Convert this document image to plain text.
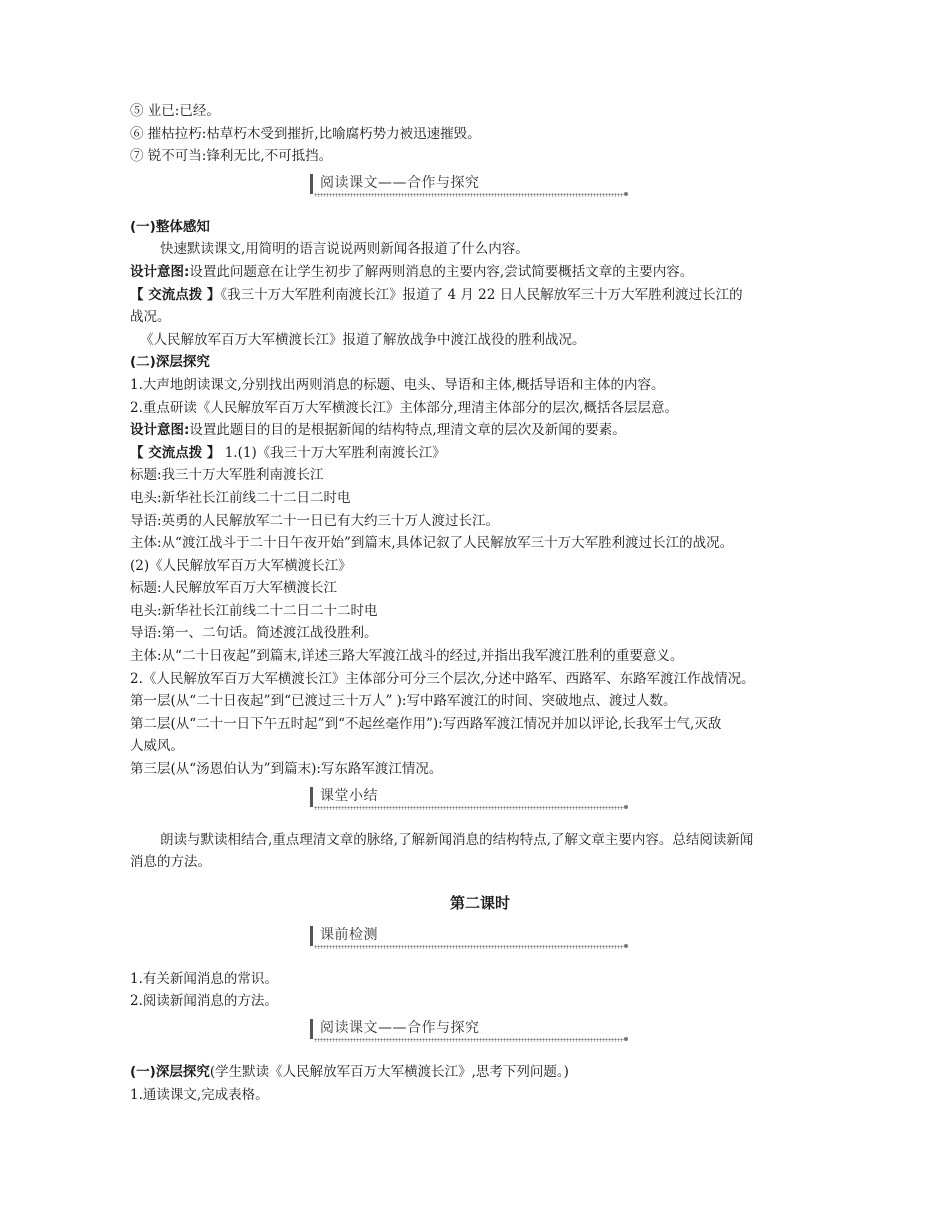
⑤ 业已:已经。
⑥ 摧枯拉朽:枯草朽木受到摧折,比喻腐朽势力被迅速摧毁。
⑦ 锐不可当:锋利无比,不可抵挡。
阅读课文——合作与探究
(一)整体感知
快速默读课文,用简明的语言说说两则新闻各报道了什么内容。
设计意图:设置此问题意在让学生初步了解两则消息的主要内容,尝试简要概括文章的主要内容。
【 交流点拨 】《我三十万大军胜利南渡长江》报道了 4 月 22 日人民解放军三十万大军胜利渡过长江的
战况。
《人民解放军百万大军横渡长江》报道了解放战争中渡江战役的胜利战况。
(二)深层探究
1.大声地朗读课文,分别找出两则消息的标题、电头、导语和主体,概括导语和主体的内容。
2.重点研读《人民解放军百万大军横渡长江》主体部分,理清主体部分的层次,概括各层层意。
设计意图:设置此题目的目的是根据新闻的结构特点,理清文章的层次及新闻的要素。
【 交流点拨 】 1.(1)《我三十万大军胜利南渡长江》
标题:我三十万大军胜利南渡长江
电头:新华社长江前线二十二日二时电
导语:英勇的人民解放军二十一日已有大约三十万人渡过长江。
主体:从“渡江战斗于二十日午夜开始”到篇末,具体记叙了人民解放军三十万大军胜利渡过长江的战况。
(2)《人民解放军百万大军横渡长江》
标题:人民解放军百万大军横渡长江
电头:新华社长江前线二十二日二十二时电
导语:第一、二句话。简述渡江战役胜利。
主体:从“二十日夜起”到篇末,详述三路大军渡江战斗的经过,并指出我军渡江胜利的重要意义。
2.《人民解放军百万大军横渡长江》主体部分可分三个层次,分述中路军、西路军、东路军渡江作战情况。
第一层(从“二十日夜起”到“已渡过三十万人” ):写中路军渡江的时间、突破地点、渡过人数。
第二层(从“二十一日下午五时起”到“不起丝毫作用”):写西路军渡江情况并加以评论,长我军士气,灭敌
人威风。
第三层(从“汤恩伯认为”到篇末):写东路军渡江情况。
课堂小结
朗读与默读相结合,重点理清文章的脉络,了解新闻消息的结构特点,了解文章主要内容。总结阅读新闻
消息的方法。
第二课时
课前检测
1.有关新闻消息的常识。
2.阅读新闻消息的方法。
阅读课文——合作与探究
(一)深层探究(学生默读《人民解放军百万大军横渡长江》,思考下列问题。)
1.通读课文,完成表格。
